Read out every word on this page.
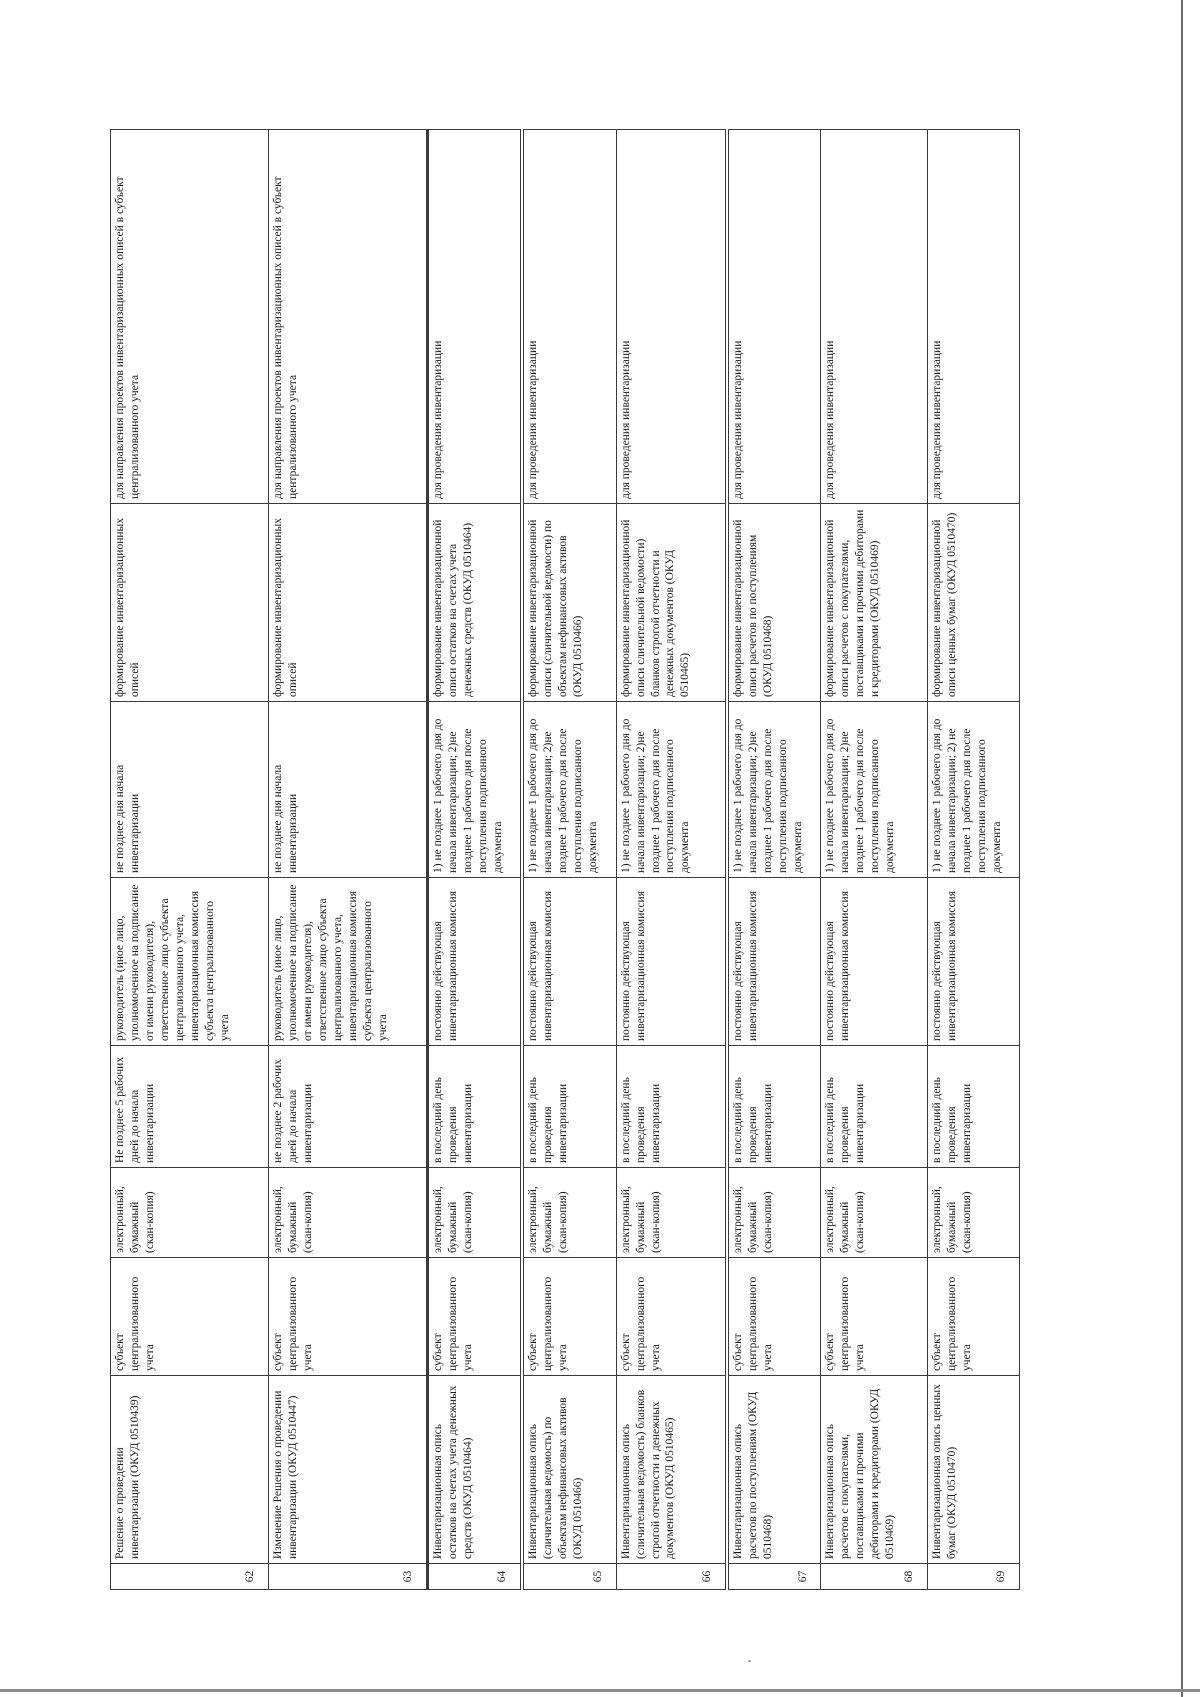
62	Решение о проведении инвентаризации (ОКУД 0510439)	субъект централизованного учета	электронный, бумажный (скан-копия)	Не позднее 5 рабочих дней до начала инвентаризации	руководитель (иное лицо, уполномоченное на подписание от имени руководителя), ответственное лицо субъекта централизованного учета, инвентаризационная комиссия субъекта централизованного учета	не позднее дня начала инвентаризации	формирование инвентаризационных описей	для направления проектов инвентаризационных описей в субъект централизованного учета
63	Изменение Решения о проведении инвентаризации (ОКУД 0510447)	субъект централизованного учета	электронный, бумажный (скан-копия)	не позднее 2 рабочих дней до начала инвентаризации	руководитель (иное лицо, уполномоченное на подписание от имени руководителя), ответственное лицо субъекта централизованного учета, инвентаризационная комиссия субъекта централизованного учета	не позднее дня начала инвентаризации	формирование инвентаризационных описей	для направления проектов инвентаризационных описей в субъект централизованного учета
64	Инвентаризационная опись остатков на счетах учета денежных средств (ОКУД 0510464)	субъект централизованного учета	электронный, бумажный (скан-копия)	в последний день проведения инвентаризации	постоянно действующая инвентаризационная комиссия	1) не позднее 1 рабочего дня до начала инвентаризации; 2)не позднее 1 рабочего дня после поступления подписанного документа	формирование инвентаризационной описи остатков на счетах учета денежных средств (ОКУД 0510464)	для проведения инвентаризации
65	Инвентаризационная опись (сличительная ведомость) по объектам нефинансовых активов (ОКУД 0510466)	субъект централизованного учета	электронный, бумажный (скан-копия)	в последний день проведения инвентаризации	постоянно действующая инвентаризационная комиссия	1) не позднее 1 рабочего дня до начала инвентаризации; 2)не позднее 1 рабочего дня после поступления подписанного документа	формирование инвентаризационной описи (сличительной ведомости) по объектам нефинансовых активов (ОКУД 0510466)	для проведения инвентаризации
66	Инвентаризационная опись (сличительная ведомость) бланков строгой отчетности и денежных документов (ОКУД 0510465)	субъект централизованного учета	электронный, бумажный (скан-копия)	в последний день проведения инвентаризации	постоянно действующая инвентаризационная комиссия	1) не позднее 1 рабочего дня до начала инвентаризации; 2)не позднее 1 рабочего дня после поступления подписанного документа	формирование инвентаризационной описи сличительной ведомости) бланков строгой отчетности и денежных документов (ОКУД 0510465)	для проведения инвентаризации
67	Инвентаризационная опись расчетов по поступлениям (ОКУД 0510468)	субъект централизованного учета	электронный, бумажный (скан-копия)	в последний день проведения инвентаризации	постоянно действующая инвентаризационная комиссия	1) не позднее 1 рабочего дня до начала инвентаризации; 2)не позднее 1 рабочего дня после поступления подписанного документа	формирование инвентаризационной описи расчетов по поступлениям (ОКУД 0510468)	для проведения инвентаризации
68	Инвентаризационная опись расчетов с покупателями, поставщиками и прочими дебиторами и кредиторами (ОКУД 0510469)	субъект централизованного учета	электронный, бумажный (скан-копия)	в последний день проведения инвентаризации	постоянно действующая инвентаризационная комиссия	1) не позднее 1 рабочего дня до начала инвентаризации; 2)не позднее 1 рабочего дня после поступления подписанного документа	формирование инвентаризационной описи расчетов с покупателями, поставщиками и прочими дебиторами и кредиторами (ОКУД 0510469)	для проведения инвентаризации
69	Инвентаризационная опись ценных бумаг (ОКУД 0510470)	субъект централизованного учета	электронный, бумажный (скан-копия)	в последний день проведения инвентаризации	постоянно действующая инвентаризационная комиссия	1) не позднее 1 рабочего дня до начала инвентаризации; 2) не позднее 1 рабочего дня после поступления подписанного документа	формирование инвентаризационной описи ценных бумаг (ОКУД 0510470)	для проведения инвентаризации
